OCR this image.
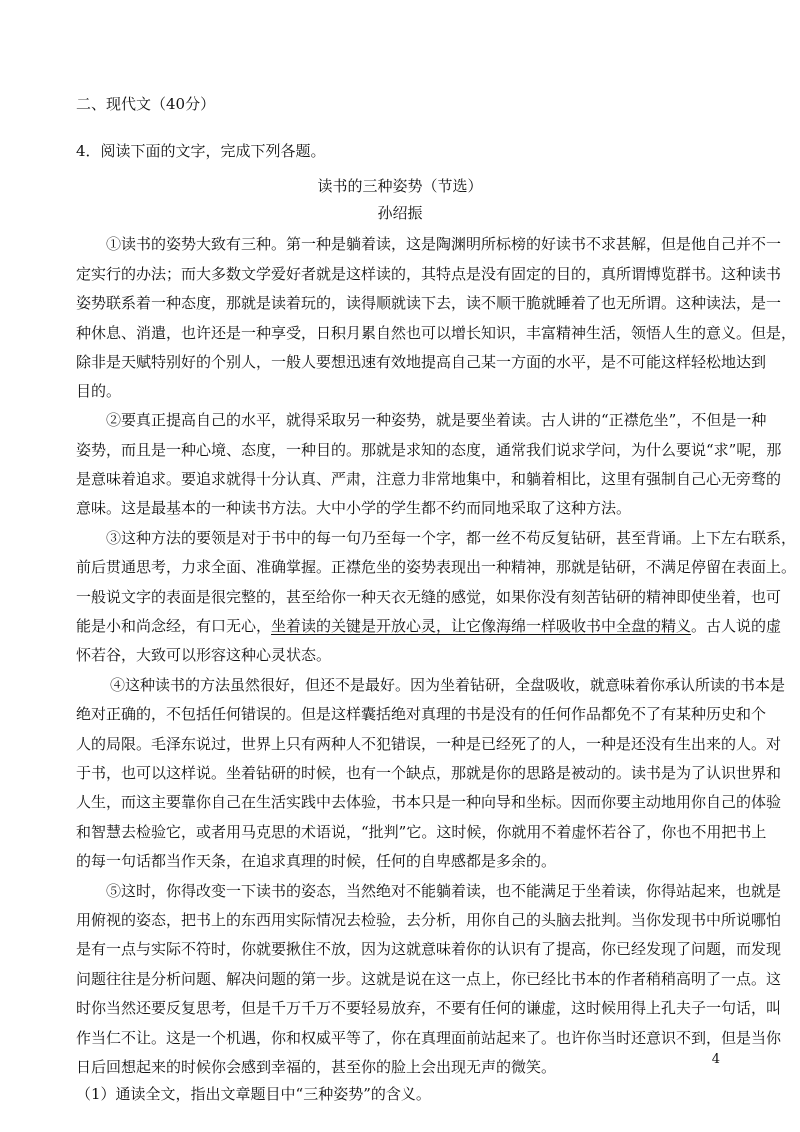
二、现代文（40分）
4．阅读下面的文字，完成下列各题。
读书的三种姿势（节选）
孙绍振
①读书的姿势大致有三种。第一种是躺着读，这是陶渊明所标榜的好读书不求甚解，但是他自己并不一
定实行的办法；而大多数文学爱好者就是这样读的，其特点是没有固定的目的，真所谓博览群书。这种读书
姿势联系着一种态度，那就是读着玩的，读得顺就读下去，读不顺干脆就睡着了也无所谓。这种读法，是一
种休息、消遣，也许还是一种享受，日积月累自然也可以增长知识，丰富精神生活，领悟人生的意义。但是，
除非是天赋特别好的个别人，一般人要想迅速有效地提高自己某一方面的水平，是不可能这样轻松地达到
目的。
②要真正提高自己的水平，就得采取另一种姿势，就是要坐着读。古人讲的“正襟危坐”，不但是一种
姿势，而且是一种心境、态度，一种目的。那就是求知的态度，通常我们说求学问，为什么要说“求”呢，那
是意味着追求。要追求就得十分认真、严肃，注意力非常地集中，和躺着相比，这里有强制自己心无旁骛的
意味。这是最基本的一种读书方法。大中小学的学生都不约而同地采取了这种方法。
③这种方法的要领是对于书中的每一句乃至每一个字，都一丝不苟反复钻研，甚至背诵。上下左右联系，
前后贯通思考，力求全面、准确掌握。正襟危坐的姿势表现出一种精神，那就是钻研，不满足停留在表面上。
一般说文字的表面是很完整的，甚至给你一种天衣无缝的感觉，如果你没有刻苦钻研的精神即使坐着，也可
能是小和尚念经，有口无心，坐着读的关键是开放心灵，让它像海绵一样吸收书中全盘的精义。古人说的虚
怀若谷，大致可以形容这种心灵状态。
④这种读书的方法虽然很好，但还不是最好。因为坐着钻研，全盘吸收，就意味着你承认所读的书本是
绝对正确的，不包括任何错误的。但是这样囊括绝对真理的书是没有的任何作品都免不了有某种历史和个
人的局限。毛泽东说过，世界上只有两种人不犯错误，一种是已经死了的人，一种是还没有生出来的人。对
于书，也可以这样说。坐着钻研的时候，也有一个缺点，那就是你的思路是被动的。读书是为了认识世界和
人生，而这主要靠你自己在生活实践中去体验，书本只是一种向导和坐标。因而你要主动地用你自己的体验
和智慧去检验它，或者用马克思的术语说，“批判”它。这时候，你就用不着虚怀若谷了，你也不用把书上
的每一句话都当作天条，在追求真理的时候，任何的自卑感都是多余的。
⑤这时，你得改变一下读书的姿态，当然绝对不能躺着读，也不能满足于坐着读，你得站起来，也就是
用俯视的姿态，把书上的东西用实际情况去检验，去分析，用你自己的头脑去批判。当你发现书中所说哪怕
是有一点与实际不符时，你就要揪住不放，因为这就意味着你的认识有了提高，你已经发现了问题，而发现
问题往往是分析问题、解决问题的第一步。这就是说在这一点上，你已经比书本的作者稍稍高明了一点。这
时你当然还要反复思考，但是千万千万不要轻易放弃，不要有任何的谦虚，这时候用得上孔夫子一句话，叫
作当仁不让。这是一个机遇，你和权威平等了，你在真理面前站起来了。也许你当时还意识不到，但是当你
日后回想起来的时候你会感到幸福的，甚至你的脸上会出现无声的微笑。
（1）通读全文，指出文章题目中“三种姿势”的含义。
4
